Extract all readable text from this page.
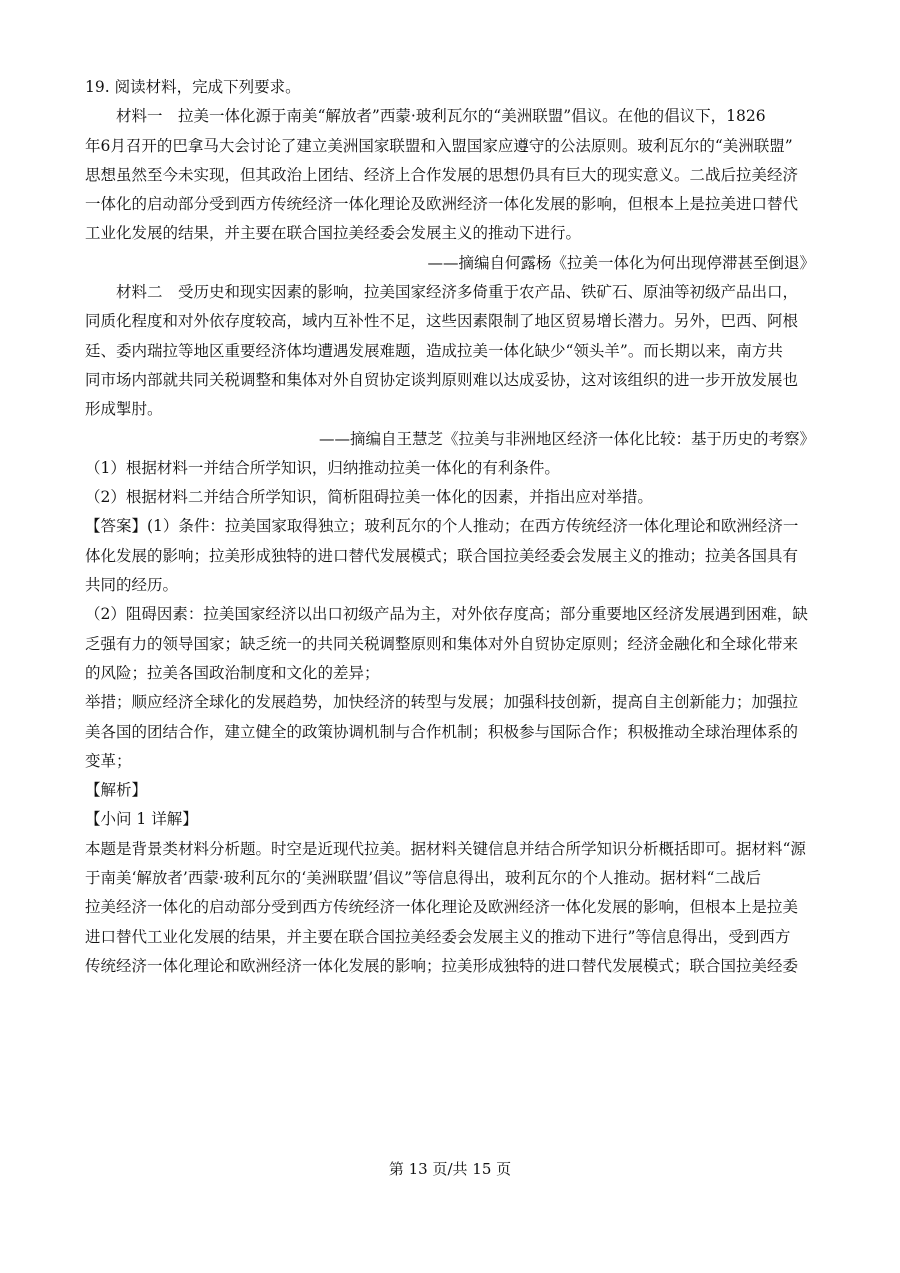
19. 阅读材料，完成下列要求。
材料一　拉美一体化源于南美“解放者”西蒙·玻利瓦尔的“美洲联盟”倡议。在他的倡议下，1826
年6月召开的巴拿马大会讨论了建立美洲国家联盟和入盟国家应遵守的公法原则。玻利瓦尔的“美洲联盟”
思想虽然至今未实现，但其政治上团结、经济上合作发展的思想仍具有巨大的现实意义。二战后拉美经济
一体化的启动部分受到西方传统经济一体化理论及欧洲经济一体化发展的影响，但根本上是拉美进口替代
工业化发展的结果，并主要在联合国拉美经委会发展主义的推动下进行。
——摘编自何露杨《拉美一体化为何出现停滞甚至倒退》
材料二　受历史和现实因素的影响，拉美国家经济多倚重于农产品、铁矿石、原油等初级产品出口，
同质化程度和对外依存度较高，域内互补性不足，这些因素限制了地区贸易增长潜力。另外，巴西、阿根
廷、委内瑞拉等地区重要经济体均遭遇发展难题，造成拉美一体化缺少“领头羊”。而长期以来，南方共
同市场内部就共同关税调整和集体对外自贸协定谈判原则难以达成妥协，这对该组织的进一步开放发展也
形成掣肘。
——摘编自王慧芝《拉美与非洲地区经济一体化比较：基于历史的考察》
（1）根据材料一并结合所学知识，归纳推动拉美一体化的有利条件。
（2）根据材料二并结合所学知识，简析阻碍拉美一体化的因素，并指出应对举措。
【答案】(1）条件：拉美国家取得独立；玻利瓦尔的个人推动；在西方传统经济一体化理论和欧洲经济一
体化发展的影响；拉美形成独特的进口替代发展模式；联合国拉美经委会发展主义的推动；拉美各国具有
共同的经历。
（2）阻碍因素：拉美国家经济以出口初级产品为主，对外依存度高；部分重要地区经济发展遇到困难，缺
乏强有力的领导国家；缺乏统一的共同关税调整原则和集体对外自贸协定原则；经济金融化和全球化带来
的风险；拉美各国政治制度和文化的差异；
举措；顺应经济全球化的发展趋势，加快经济的转型与发展；加强科技创新，提高自主创新能力；加强拉
美各国的团结合作，建立健全的政策协调机制与合作机制；积极参与国际合作；积极推动全球治理体系的
变革；
【解析】
【小问 1 详解】
本题是背景类材料分析题。时空是近现代拉美。据材料关键信息并结合所学知识分析概括即可。据材料“源
于南美‘解放者’西蒙·玻利瓦尔的‘美洲联盟’倡议”等信息得出，玻利瓦尔的个人推动。据材料“二战后
拉美经济一体化的启动部分受到西方传统经济一体化理论及欧洲经济一体化发展的影响，但根本上是拉美
进口替代工业化发展的结果，并主要在联合国拉美经委会发展主义的推动下进行”等信息得出，受到西方
传统经济一体化理论和欧洲经济一体化发展的影响；拉美形成独特的进口替代发展模式；联合国拉美经委
第 13 页/共 15 页
